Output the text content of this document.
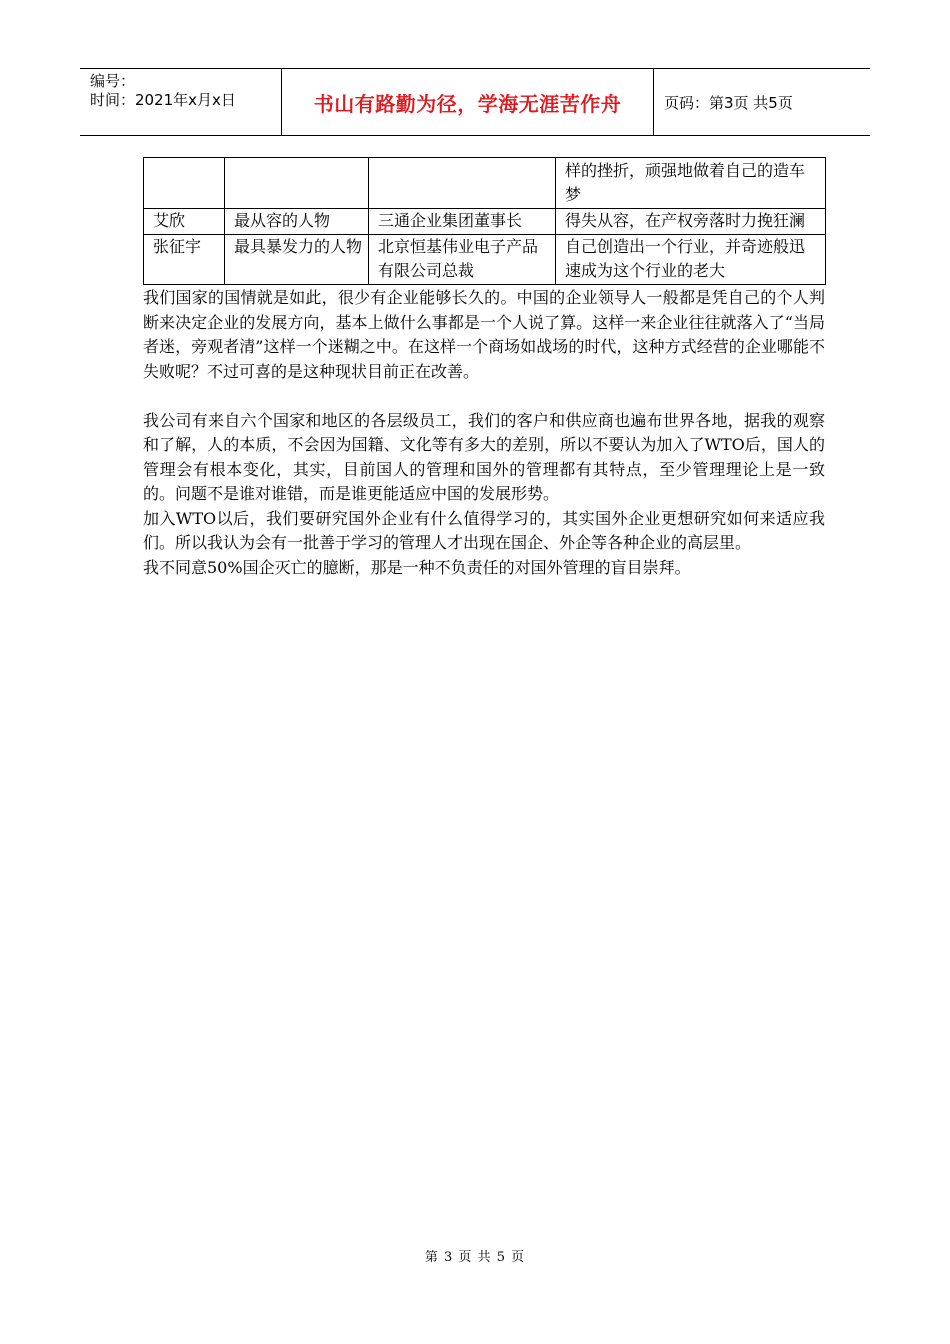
编号：
时间：2021年x月x日	书山有路勤为径，学海无涯苦作舟	页码：第3页 共5页
			样的挫折，顽强地做着自己的造车梦
艾欣	最从容的人物	三通企业集团董事长	得失从容，在产权旁落时力挽狂澜
张征宇	最具暴发力的人物	北京恒基伟业电子产品有限公司总裁	自己创造出一个行业，并奇迹般迅速成为这个行业的老大

我们国家的国情就是如此，很少有企业能够长久的。中国的企业领导人一般都是凭自己的个人判断来决定企业的发展方向，基本上做什么事都是一个人说了算。这样一来企业往往就落入了“当局者迷，旁观者清”这样一个迷糊之中。在这样一个商场如战场的时代，这种方式经营的企业哪能不失败呢？不过可喜的是这种现状目前正在改善。

我公司有来自六个国家和地区的各层级员工，我们的客户和供应商也遍布世界各地，据我的观察和了解，人的本质，不会因为国籍、文化等有多大的差别，所以不要认为加入了WTO后，国人的管理会有根本变化，其实，目前国人的管理和国外的管理都有其特点，至少管理理论上是一致的。问题不是谁对谁错，而是谁更能适应中国的发展形势。

加入WTO以后，我们要研究国外企业有什么值得学习的，其实国外企业更想研究如何来适应我们。所以我认为会有一批善于学习的管理人才出现在国企、外企等各种企业的高层里。

我不同意50%国企灭亡的臆断，那是一种不负责任的对国外管理的盲目崇拜。

第 3 页 共 5 页
